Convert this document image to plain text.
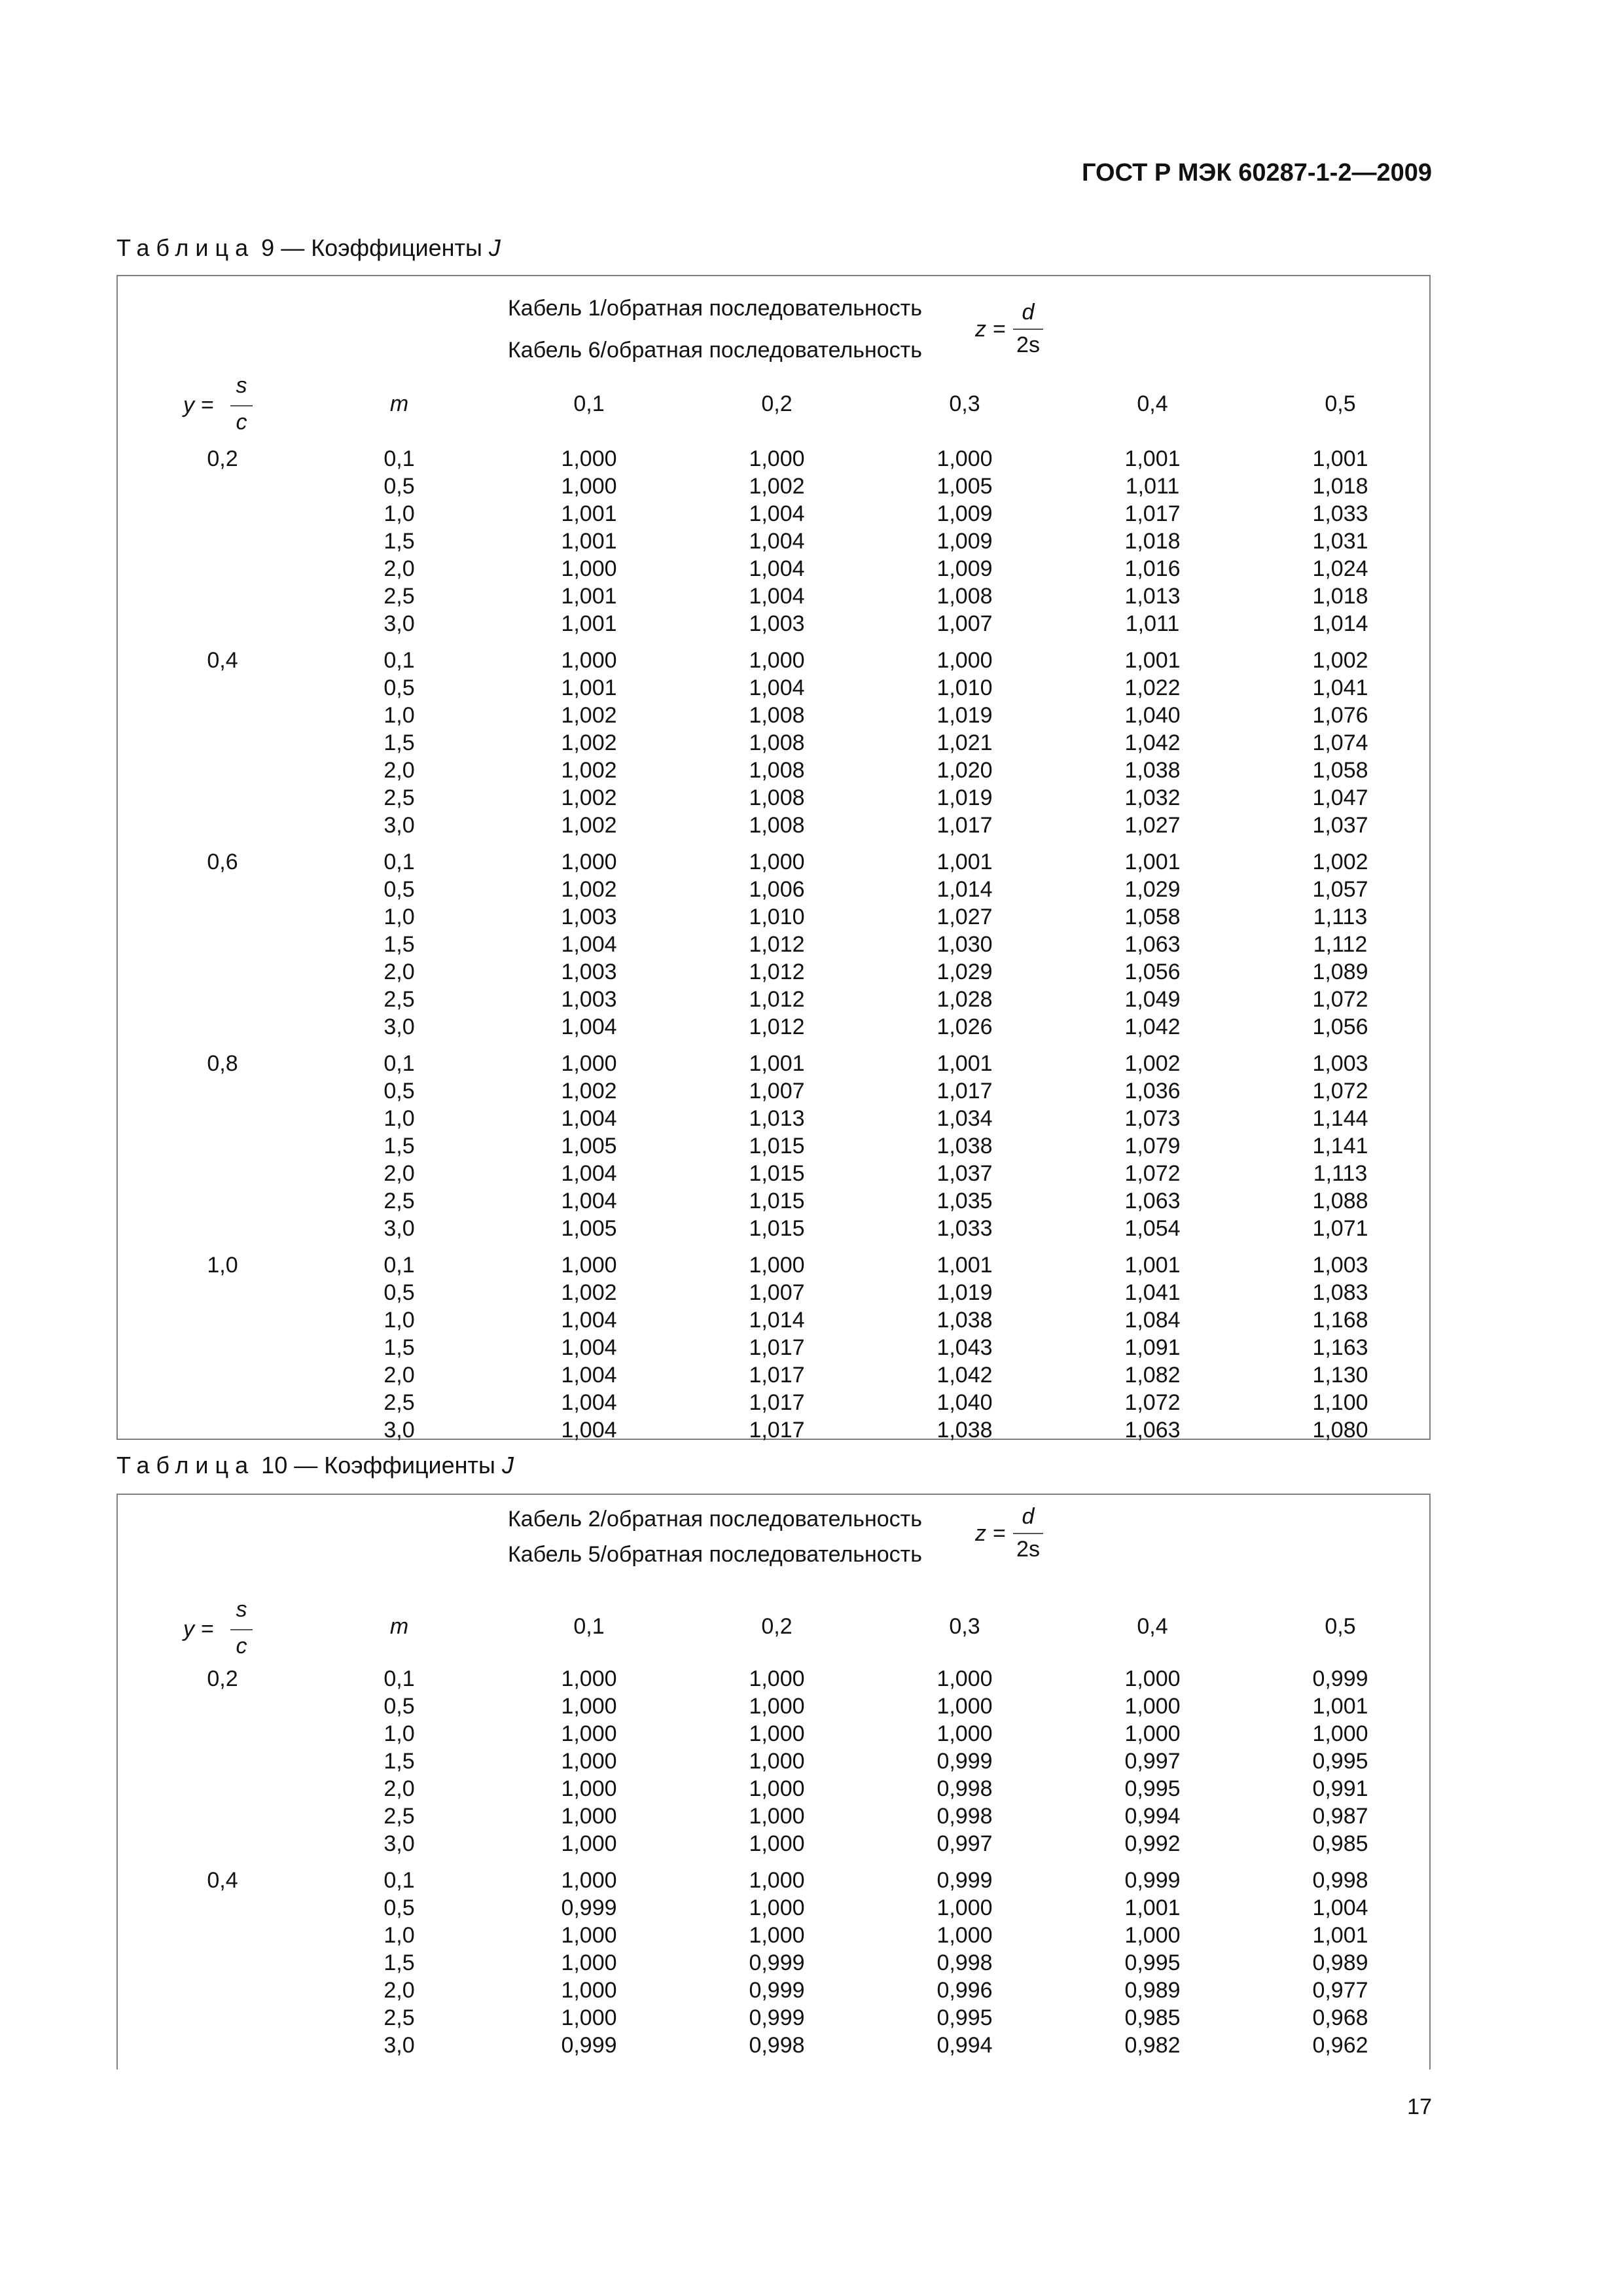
ГОСТ Р МЭК 60287-1-2—2009
Таблица 9 — Коэффициенты J
Кабель 1/обратная последовательность
Кабель 6/обратная последовательность
z =
d
2s
y =
s
c
m	0,1	0,2	0,3	0,4	0,5
0,2	0,1	1,000	1,000	1,000	1,001	1,001
0,5	1,000	1,002	1,005	1,011	1,018
1,0	1,001	1,004	1,009	1,017	1,033
1,5	1,001	1,004	1,009	1,018	1,031
2,0	1,000	1,004	1,009	1,016	1,024
2,5	1,001	1,004	1,008	1,013	1,018
3,0	1,001	1,003	1,007	1,011	1,014
0,4	0,1	1,000	1,000	1,000	1,001	1,002
0,5	1,001	1,004	1,010	1,022	1,041
1,0	1,002	1,008	1,019	1,040	1,076
1,5	1,002	1,008	1,021	1,042	1,074
2,0	1,002	1,008	1,020	1,038	1,058
2,5	1,002	1,008	1,019	1,032	1,047
3,0	1,002	1,008	1,017	1,027	1,037
0,6	0,1	1,000	1,000	1,001	1,001	1,002
0,5	1,002	1,006	1,014	1,029	1,057
1,0	1,003	1,010	1,027	1,058	1,113
1,5	1,004	1,012	1,030	1,063	1,112
2,0	1,003	1,012	1,029	1,056	1,089
2,5	1,003	1,012	1,028	1,049	1,072
3,0	1,004	1,012	1,026	1,042	1,056
0,8	0,1	1,000	1,001	1,001	1,002	1,003
0,5	1,002	1,007	1,017	1,036	1,072
1,0	1,004	1,013	1,034	1,073	1,144
1,5	1,005	1,015	1,038	1,079	1,141
2,0	1,004	1,015	1,037	1,072	1,113
2,5	1,004	1,015	1,035	1,063	1,088
3,0	1,005	1,015	1,033	1,054	1,071
1,0	0,1	1,000	1,000	1,001	1,001	1,003
0,5	1,002	1,007	1,019	1,041	1,083
1,0	1,004	1,014	1,038	1,084	1,168
1,5	1,004	1,017	1,043	1,091	1,163
2,0	1,004	1,017	1,042	1,082	1,130
2,5	1,004	1,017	1,040	1,072	1,100
3,0	1,004	1,017	1,038	1,063	1,080
Таблица 10 — Коэффициенты J
Кабель 2/обратная последовательность
Кабель 5/обратная последовательность
z =
d
2s
y =
s
c
m	0,1	0,2	0,3	0,4	0,5
0,2	0,1	1,000	1,000	1,000	1,000	0,999
0,5	1,000	1,000	1,000	1,000	1,001
1,0	1,000	1,000	1,000	1,000	1,000
1,5	1,000	1,000	0,999	0,997	0,995
2,0	1,000	1,000	0,998	0,995	0,991
2,5	1,000	1,000	0,998	0,994	0,987
3,0	1,000	1,000	0,997	0,992	0,985
0,4	0,1	1,000	1,000	0,999	0,999	0,998
0,5	0,999	1,000	1,000	1,001	1,004
1,0	1,000	1,000	1,000	1,000	1,001
1,5	1,000	0,999	0,998	0,995	0,989
2,0	1,000	0,999	0,996	0,989	0,977
2,5	1,000	0,999	0,995	0,985	0,968
3,0	0,999	0,998	0,994	0,982	0,962
17
